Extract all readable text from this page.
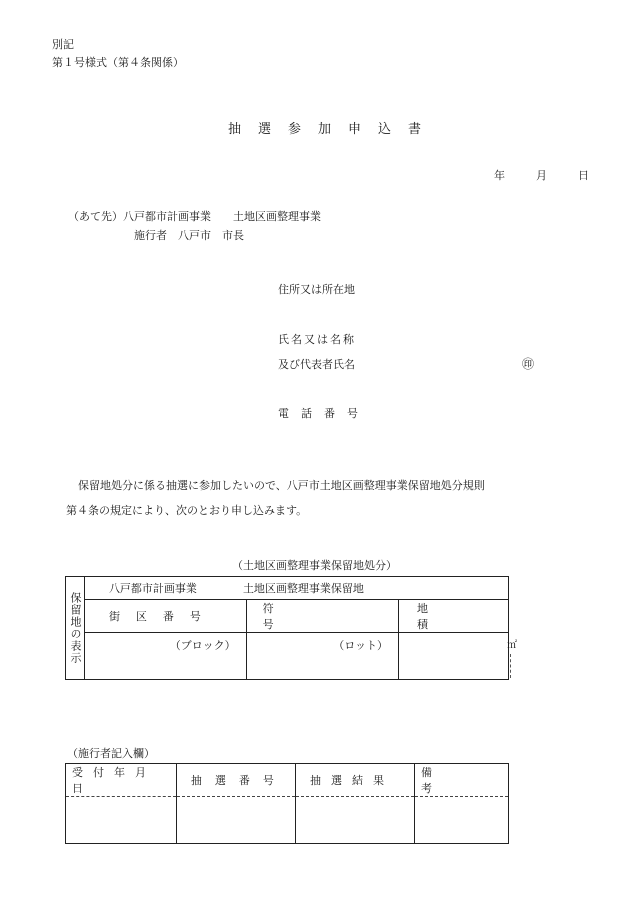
別記
第１号様式（第４条関係）
抽選参加申込書
年	月	日
（あて先）八戸都市計画事業　　土地区画整理事業
施行者　八戸市　市長
住所又は所在地
氏名又は名称
及び代表者氏名	㊞
電話番号
保留地処分に係る抽選に参加したいので、八戸市土地区画整理事業保留地処分規則
第４条の規定により、次のとおり申し込みます。
（土地区画整理事業保留地処分）
保留地の表示	八戸都市計画事業 土地区画整理事業保留地		
	街区番号	符号	地積
	（ブロック）	（ロット）	㎡
（施行者記入欄）
受付年月日	抽選番号	抽選結果	備考
